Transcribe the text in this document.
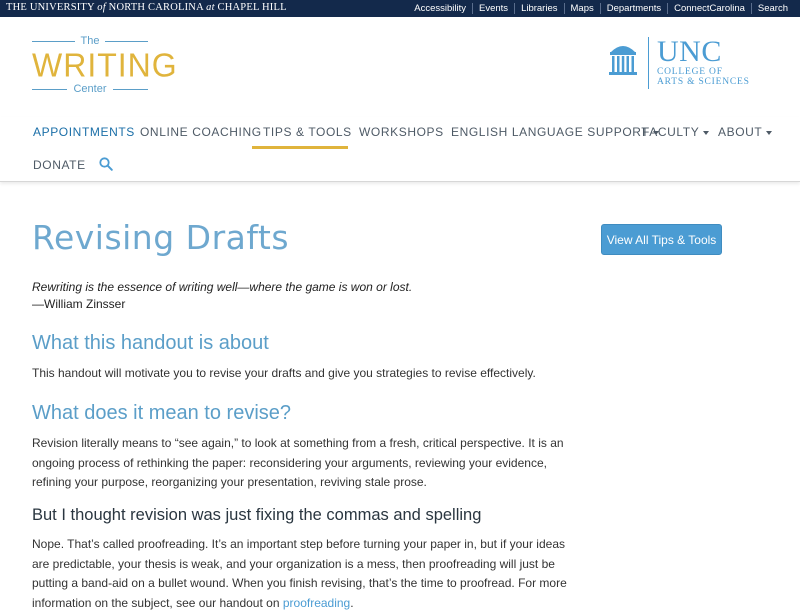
THE UNIVERSITY of NORTH CAROLINA at CHAPEL HILL	Accessibility	Events	Libraries	Maps	Departments	ConnectCarolina	Search
The
WRITING
Center
UNC
COLLEGE OF
ARTS & SCIENCES
APPOINTMENTS ONLINE COACHING TIPS & TOOLS WORKSHOPS ENGLISH LANGUAGE SUPPORT
FACULTY	ABOUT
DONATE
Revising Drafts	View All Tips & Tools
Rewriting is the essence of writing well—where the game is won or lost.
—William Zinsser
What this handout is about

This handout will motivate you to revise your drafts and give you strategies to revise effectively.

What does it mean to revise?

Revision literally means to “see again,” to look at something from a fresh, critical perspective. It is an ongoing process of rethinking the paper: reconsidering your arguments, reviewing your evidence, refining your purpose, reorganizing your presentation, reviving stale prose.

But I thought revision was just fixing the commas and spelling

Nope. That’s called proofreading. It’s an important step before turning your paper in, but if your ideas are predictable, your thesis is weak, and your organization is a mess, then proofreading will just be putting a band-aid on a bullet wound. When you finish revising, that’s the time to proofread. For more information on the subject, see our handout on proofreading.
